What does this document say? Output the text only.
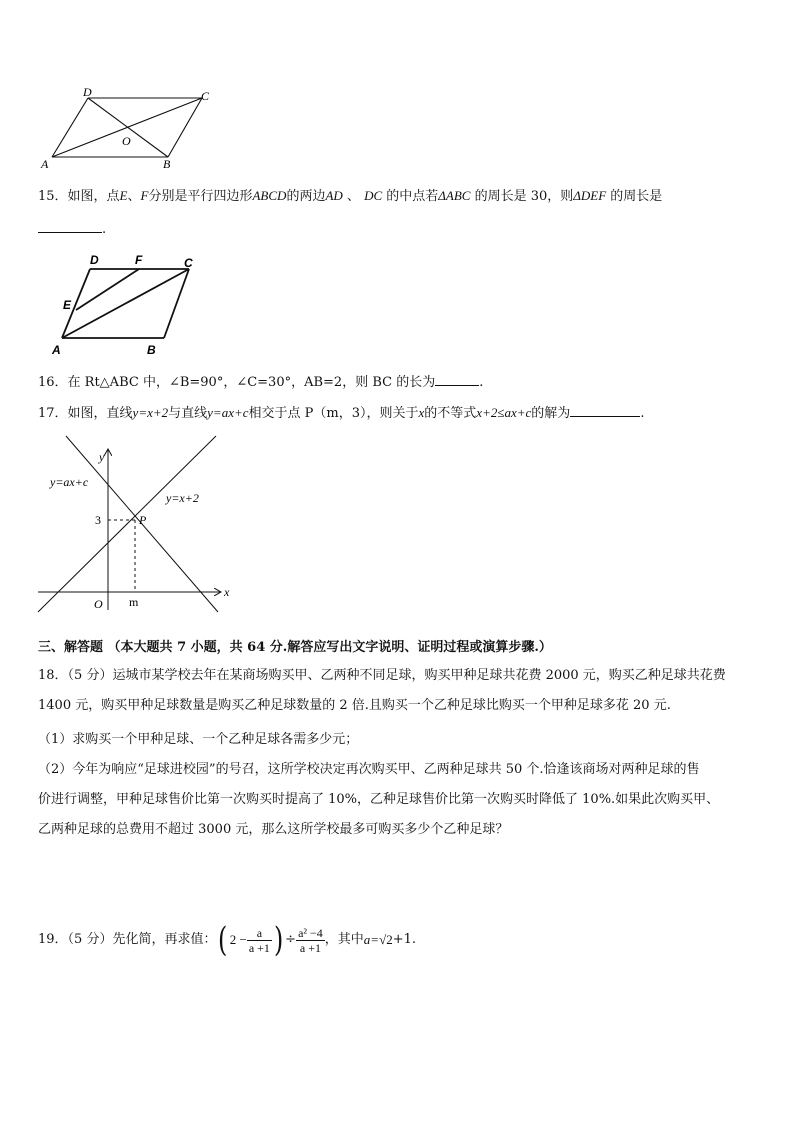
D	C
A	B
O
15．如图，点E、F分别是平行四边形ABCD的两边AD 、 DC 的中点若ΔABC 的周长是 30，则ΔDEF 的周长是
.
D	F	C
E
A	B
16．在 Rt△ABC 中，∠B=90°，∠C=30°，AB=2，则 BC 的长为	.
17．如图，直线y=x+2与直线y=ax+c相交于点 P（m，3），则关于x的不等式x+2≤ax+c的解为	.
y
x
O
3	P
m
y=ax+c
y=x+2
三、解答题 （本大题共 7 小题，共 64 分.解答应写出文字说明、证明过程或演算步骤.）
18．（5 分）运城市某学校去年在某商场购买甲、乙两种不同足球，购买甲种足球共花费 2000 元，购买乙种足球共花费
1400 元，购买甲种足球数量是购买乙种足球数量的 2 倍.且购买一个乙种足球比购买一个甲种足球多花 20 元.
（1）求购买一个甲种足球、一个乙种足球各需多少元；
（2）今年为响应“足球进校园”的号召，这所学校决定再次购买甲、乙两种足球共 50 个.恰逢该商场对两种足球的售
价进行调整，甲种足球售价比第一次购买时提高了 10%，乙种足球售价比第一次购买时降低了 10%.如果此次购买甲、
乙两种足球的总费用不超过 3000 元，那么这所学校最多可购买多少个乙种足球？
19．（5 分）先化简，再求值：( $2 - \frac{a}{a +1}$ ) ÷ $\frac{\text{a² −4}}{a +1}$ ，其中a=√2+1.
